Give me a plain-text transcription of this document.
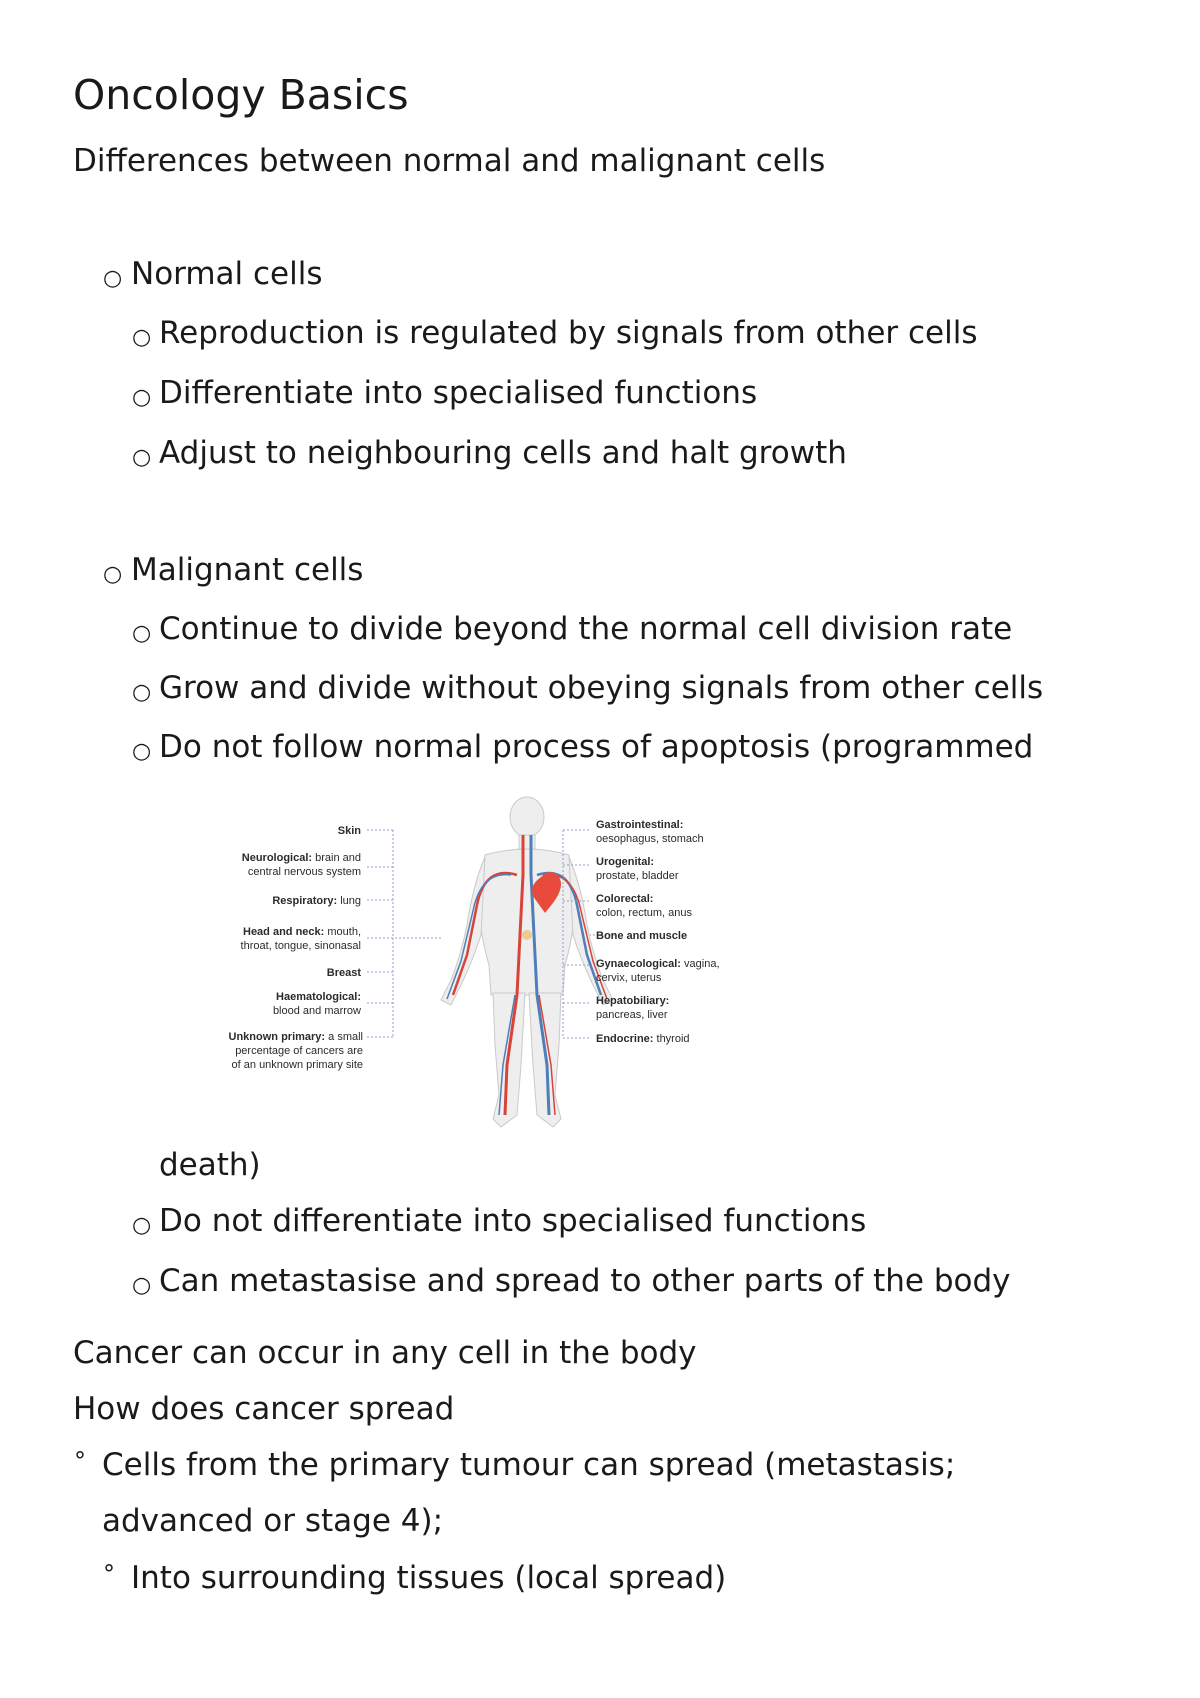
Oncology Basics
Differences between normal and malignant cells
○ Normal cells
○ Reproduction is regulated by signals from other cells
○ Differentiate into specialised functions
○ Adjust to neighbouring cells and halt growth
○ Malignant cells
○ Continue to divide beyond the normal cell division rate
○ Grow and divide without obeying signals from other cells
○ Do not follow normal process of apoptosis (programmed
Skin
Neurological: brain and
central nervous system
Respiratory: lung
Head and neck: mouth,
throat, tongue, sinonasal
Breast
Haematological:
blood and marrow
Unknown primary: a small
percentage of cancers are
of an unknown primary site
Gastrointestinal:
oesophagus, stomach
Urogenital:
prostate, bladder
Colorectal:
colon, rectum, anus
Bone and muscle
Gynaecological: vagina,
cervix, uterus
Hepatobiliary:
pancreas, liver
Endocrine: thyroid
death)
○ Do not differentiate into specialised functions
○ Can metastasise and spread to other parts of the body
Cancer can occur in any cell in the body
How does cancer spread
° Cells from the primary tumour can spread (metastasis;
advanced or stage 4);
° Into surrounding tissues (local spread)
